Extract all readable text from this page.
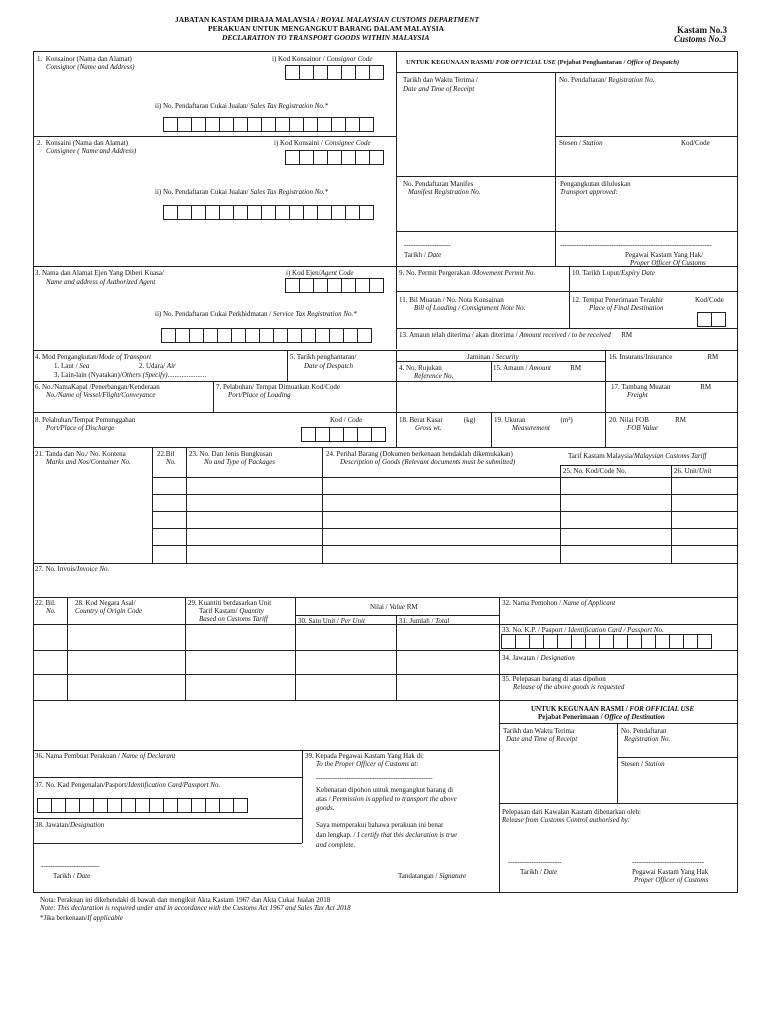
JABATAN KASTAM DIRAJA MALAYSIA / ROYAL MALAYSIAN CUSTOMS DEPARTMENT
PERAKUAN UNTUK MENGANGKUT BARANG DALAM MALAYSIA
DECLARATION TO TRANSPORT GOODS WITHIN MALAYSIA
Kastam No.3
Customs No.3
1. Konsainor (Nama dan Alamat)
Consignor (Name and Address)
i) Kod Konsainor / Consignor Code
ii) No. Pendaftaran Cukai Jualan/ Sales Tax Registration No.*
2. Konsainі (Nama dan Alamat)
Consignee ( Name and Address)
i) Kod Konsaini / Consignee Code
ii) No. Pendaftaran Cukai Jualan/ Sales Tax Registration No.*
3. Nama dan Alamat Ejen Yang Diberi Kuasa/
Name and address of Authorized Agent
i) Kod Ejen/Agent Code
ii) No. Pendaftaran Cukai Perkhidmatan / Service Tax Registration No.*
UNTUK KEGUNAAN RASMI/ FOR OFFICIAL USE (Pejabat Penghantaran / Office of Despatch)
Tarikh dan Waktu Terima /
Date and Time of Receipt
No. Pendaftaran/ Registration No.
Stesen / Station	Kod/Code
No. Pendaftaran Manifes
Manifest Registration No.
Pengangkutan diluluskan
Transport approved:
--------------------	-----------------------------------------------------------------
Tarikh / Date	Pegawai Kastam Yang Hak/
Proper Officer Of Customs
9. No. Permit Pergerakan /Movement Permit No.	10. Tarikh Luput/Expiry Date
11. Bil Muatan / No. Nota Konsainan
Bill of Loading / Consignment Note No.
12. Tempat Penerimaan Terakhir
Place of Final Destination
Kod/Code
13. Amaun telah diterima / akan diterima / Amount received / to be received RM
4. Mod Pengangkutan/Mode of Transport
1. Laut / Sea	2. Udara/ Air
3. Lain-lain (Nyatakan)/Others (Specify)......................
5. Tarikh penghantaran/
Date of Despatch
Jaminan / Security
4. No. Rujukan
Reference No.
15. Amaun / Amount	RM
16. Insurans/Insurance	RM
6. No./NamaKapal /Penerbangan/Kenderaan
No./Name of Vessel/Flight/Conveyance
7. Pelabuhan/ Tempat Dimuatkan Kod/Code
Port/Place of Loading
17. Tambang Muatan	RM
Freight
8. Pelabuhan/Tempat Pemunggahan
Port/Place of Discharge
Kod / Code	18. Berat Kasar	(kg)
Gross wt.
19. Ukuran	(m³)
Measurement
20. Nilai FOB	RM
FOB Value
21. Tanda dan No./ No. Kontena
Marks and Nos/Container No.
22.Bil
No.
23. No. Dan Jenis Bungkusan
No and Type of Packages
24. Perihal Barang (Dokumen berkenaan hendaklah dikemukakan)
Description of Goods (Relevant documents must be submitted)
Tarif Kastam Malaysia/Malaysian Customs Tariff
25. No. Kod/Code No.	26. Unit/Unit
27. No. Invois/Invoice No.
22. Bil.
No.
28. Kod Negara Asal/
Country of Origin Code
29. Kuantiti berdasarkan Unit
Tarif Kastam/ Quantity
Based on Customs Tariff
Nilai / Value RM
30. Satu Unit / Per Unit	31. Jumlah / Total
32. Nama Pemohon / Name of Applicant
33. No. K.P. / Pasport / Identification Card / Passport No.
34. Jawatan / Designation
35. Pelepasan barang di atas dipohon
Release of the above goods is requested
UNTUK KEGUNAAN RASMI / FOR OFFICIAL USE
Pejabat Penerimaan / Office of Destination
Tarikh dan Waktu Terima
Date and Time of Receipt
No. Pendaftaran
Registration No.
Stesen / Station
Pelepasan dari Kawalan Kastam dibenarkan oleh:
Release from Customs Control authorised by:
-----------------------	-------------------------------
Tarikh / Date	Pegawai Kastam Yang Hak
Proper Officer of Customs
36. Nama Pembuat Perakuan / Name of Declarant
37. No. Kad Pengenalan/Pasport/Identification Card/Passport No.
38. Jawatan/Designation
39. Kepada Pegawai Kastam Yang Hak di:
To the Proper Officer of Customs at:
--------------------------------------------------
Kebenaran dipohon untuk mengangkut barang di
atas / Permission is applied to transport the above
goods.
Saya memperakui bahawa perakuan ini benar
dan lengkap. / I certify that this declaration is true
and complete.
-------------------------
Tarikh / Date	Tandatangan / Signature
Nota: Perakuan ini dikehendaki di bawah dan mengikut Akta Kastam 1967 dan Akta Cukai Jualan 2018
Note: This declaration is required under and in accordance with the Customs Act 1967 and Sales Tax Act 2018
*Jika berkenaan/If applicable
